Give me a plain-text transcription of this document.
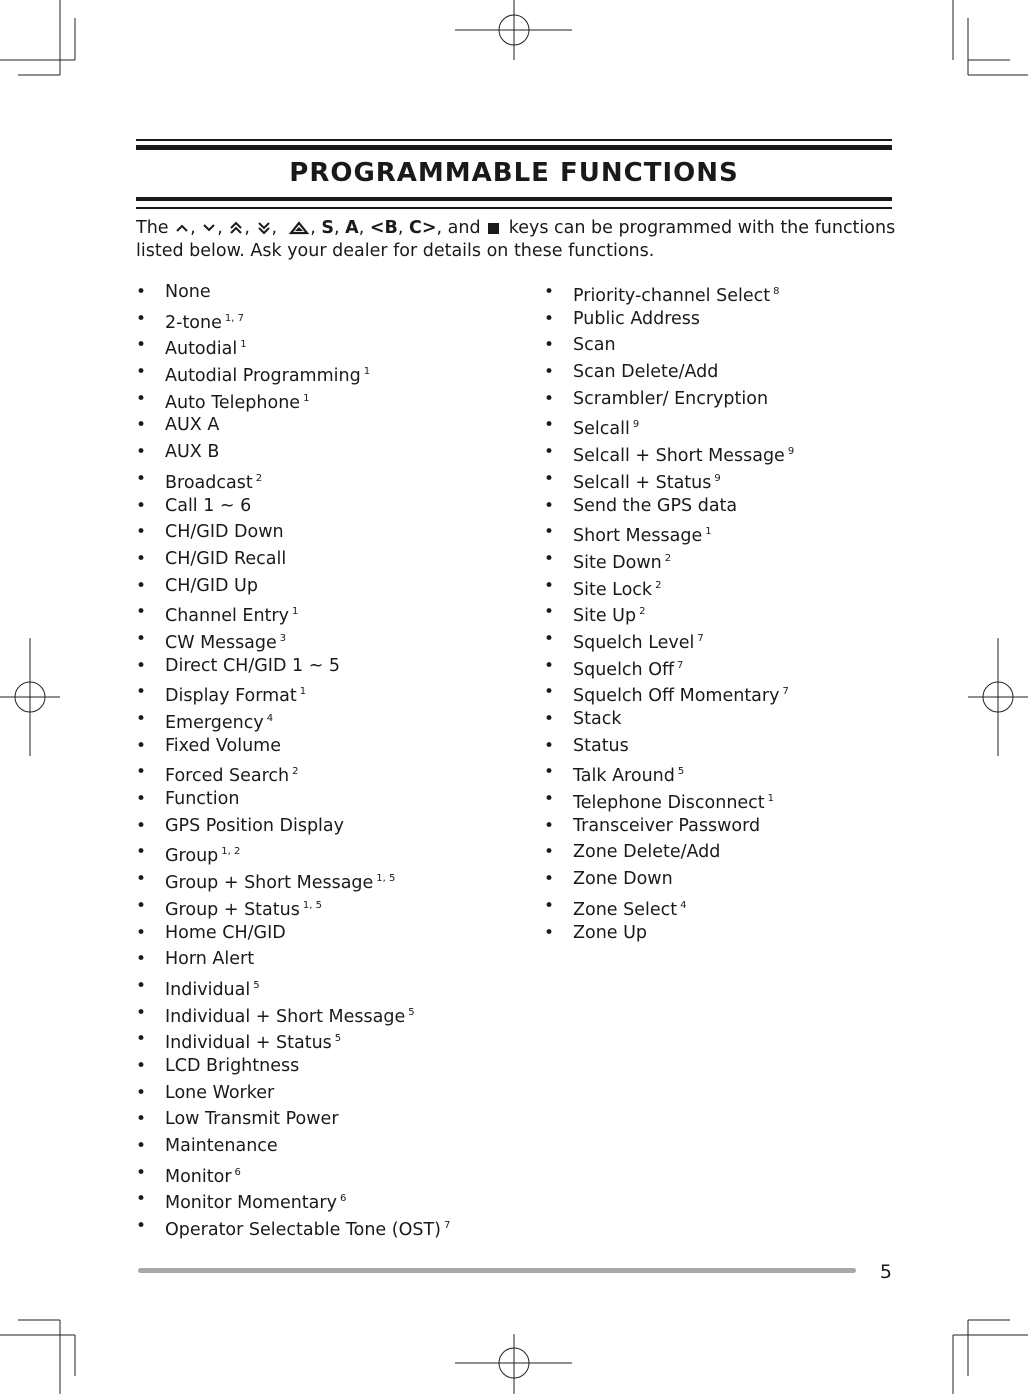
PROGRAMMABLE FUNCTIONS
The , , , ,  , S, A, <B, C>, and  keys can be programmed with the functions
listed below. Ask your dealer for details on these functions.
• None
• 2-tone $^{1, 7}$
• Autodial $^1$
• Autodial Programming $^1$
• Auto Telephone $^1$
• AUX A
• AUX B
• Broadcast $^2$
• Call 1 ~ 6
• CH/GID Down
• CH/GID Recall
• CH/GID Up
• Channel Entry $^1$
• CW Message $^3$
• Direct CH/GID 1 ~ 5
• Display Format $^1$
• Emergency $^4$
• Fixed Volume
• Forced Search $^2$
• Function
• GPS Position Display
• Group $^{1, 2}$
• Group + Short Message $^{1, 5}$
• Group + Status $^{1, 5}$
• Home CH/GID
• Horn Alert
• Individual $^5$
• Individual + Short Message $^5$
• Individual + Status $^5$
• LCD Brightness
• Lone Worker
• Low Transmit Power
• Maintenance
• Monitor $^6$
• Monitor Momentary $^6$
• Operator Selectable Tone (OST) $^7$
• Priority-channel Select $^8$
• Public Address
• Scan
• Scan Delete/Add
• Scrambler/ Encryption
• Selcall $^9$
• Selcall + Short Message $^9$
• Selcall + Status $^9$
• Send the GPS data
• Short Message $^1$
• Site Down $^2$
• Site Lock $^2$
• Site Up $^2$
• Squelch Level $^7$
• Squelch Off $^7$
• Squelch Off Momentary $^7$
• Stack
• Status
• Talk Around $^5$
• Telephone Disconnect $^1$
• Transceiver Password
• Zone Delete/Add
• Zone Down
• Zone Select $^4$
• Zone Up
5
